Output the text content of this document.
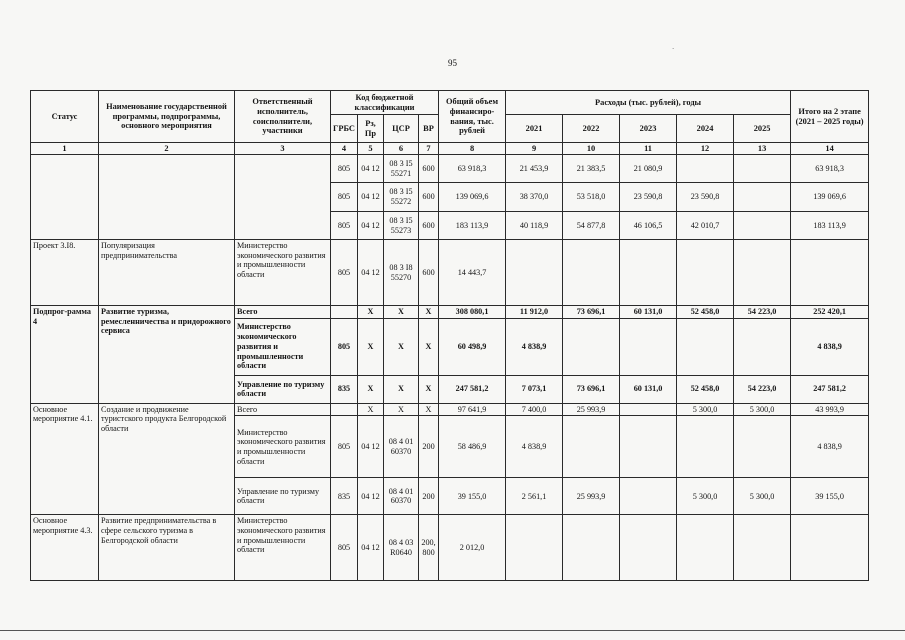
95
`
Статус	Наименование государственной программы, подпрограммы, основного мероприятия	Ответственный исполнитель, соисполнители, участники	Код бюджетной классификации				Общий объем финансиро-вания, тыс. рублей	Расходы (тыс. рублей), годы					Итого на 2 этапе (2021 – 2025 годы)
			ГРБС	Рз, Пр	ЦСР	ВР		2021	2022	2023	2024	2025	
1	2	3	4	5	6	7	8	9	10	11	12	13	14
			805	04 12	08 3 I5 55271	600	63 918,3	21 453,9	21 383,5	21 080,9			63 918,3
			805	04 12	08 3 I5 55272	600	139 069,6	38 370,0	53 518,0	23 590,8	23 590,8		139 069,6
			805	04 12	08 3 I5 55273	600	183 113,9	40 118,9	54 877,8	46 106,5	42 010,7		183 113,9
Проект 3.I8.	Популяризация предпринимательства	Министерство экономического развития и промышленности области	805	04 12	08 3 I8 55270	600	14 443,7						
Подпрог-рамма 4	Развитие туризма, ремесленничества и придорожного сервиса	Всего		X	X	X	308 080,1	11 912,0	73 696,1	60 131,0	52 458,0	54 223,0	252 420,1
		Министерство экономического развития и промышленности области	805	X	X	X	60 498,9	4 838,9					4 838,9
		Управление по туризму области	835	X	X	X	247 581,2	7 073,1	73 696,1	60 131,0	52 458,0	54 223,0	247 581,2
Основное мероприятие 4.1.	Создание и продвижение туристского продукта Белгородской области	Всего		X	X	X	97 641,9	7 400,0	25 993,9		5 300,0	5 300,0	43 993,9
		Министерство экономического развития и промышленности области	805	04 12	08 4 01 60370	200	58 486,9	4 838,9					4 838,9
		Управление по туризму области	835	04 12	08 4 01 60370	200	39 155,0	2 561,1	25 993,9		5 300,0	5 300,0	39 155,0
Основное мероприятие 4.3.	Развитие предпринимательства в сфере сельского туризма в Белгородской области	Министерство экономического развития и промышленности области	805	04 12	08 4 03 R0640	200, 800	2 012,0						
